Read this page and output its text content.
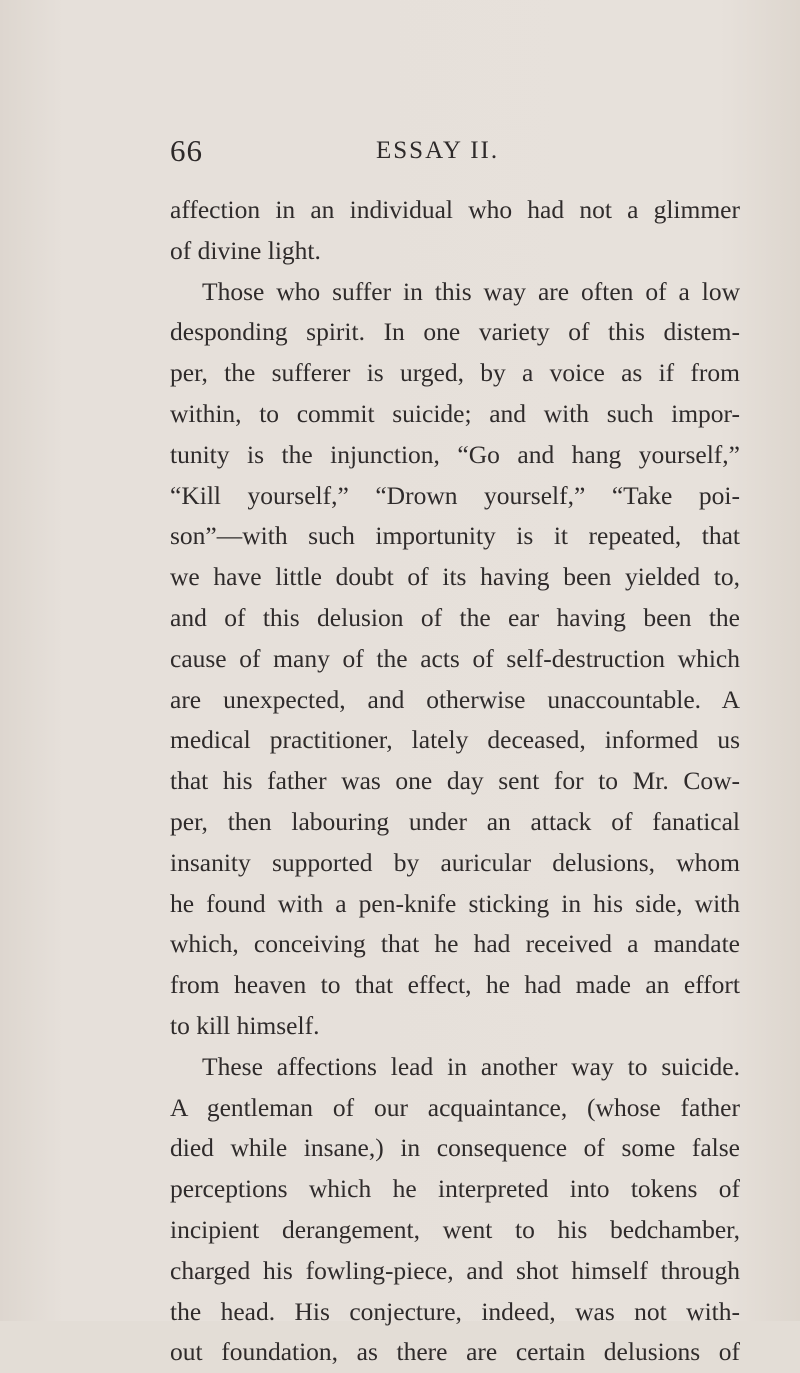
66	ESSAY II.
affection in an individual who had not a glimmer
of divine light.
Those who suffer in this way are often of a low
desponding spirit. In one variety of this distem-
per, the sufferer is urged, by a voice as if from
within, to commit suicide; and with such impor-
tunity is the injunction, “Go and hang yourself,”
“Kill yourself,” “Drown yourself,” “Take poi-
son”—with such importunity is it repeated, that
we have little doubt of its having been yielded to,
and of this delusion of the ear having been the
cause of many of the acts of self-destruction which
are unexpected, and otherwise unaccountable. A
medical practitioner, lately deceased, informed us
that his father was one day sent for to Mr. Cow-
per, then labouring under an attack of fanatical
insanity supported by auricular delusions, whom
he found with a pen-knife sticking in his side, with
which, conceiving that he had received a mandate
from heaven to that effect, he had made an effort
to kill himself.
These affections lead in another way to suicide.
A gentleman of our acquaintance, (whose father
died while insane,) in consequence of some false
perceptions which he interpreted into tokens of
incipient derangement, went to his bedchamber,
charged his fowling-piece, and shot himself through
the head. His conjecture, indeed, was not with-
out foundation, as there are certain delusions of
